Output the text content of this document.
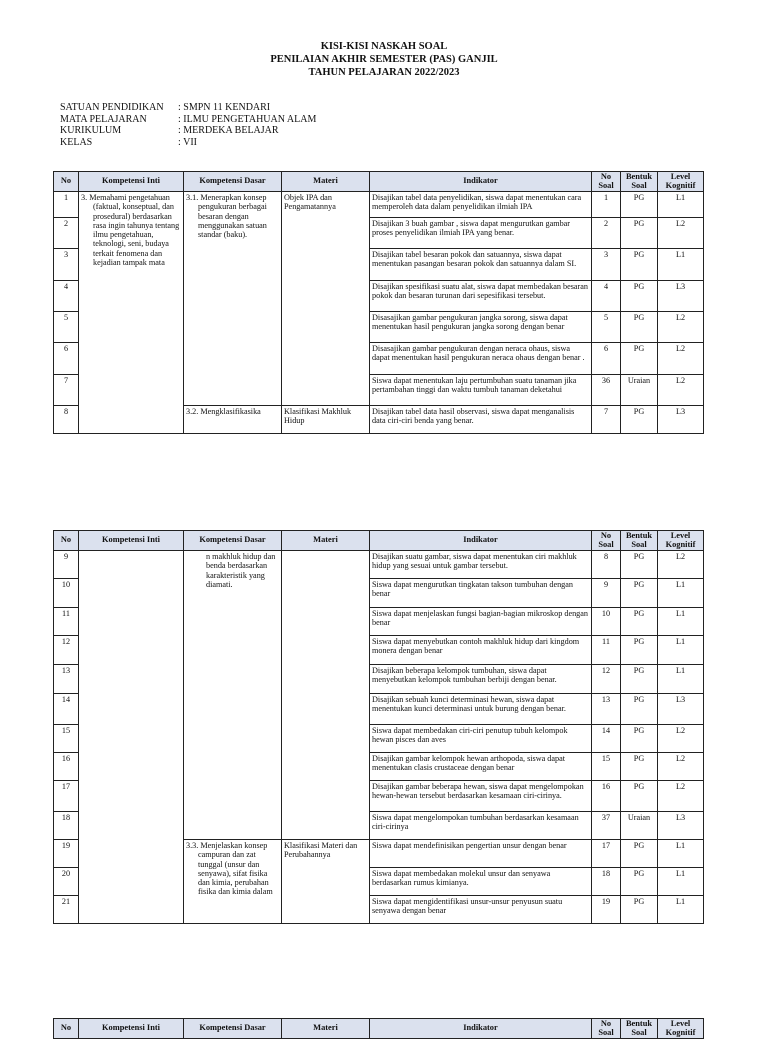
KISI-KISI NASKAH SOAL
PENILAIAN AKHIR SEMESTER (PAS) GANJIL
TAHUN PELAJARAN 2022/2023
SATUAN PENDIDIKAN	: SMPN 11 KENDARI
MATA PELAJARAN	: ILMU PENGETAHUAN ALAM
KURIKULUM	: MERDEKA BELAJAR
KELAS	: VII
No	Kompetensi Inti	Kompetensi Dasar	Materi	Indikator	No Soal	Bentuk Soal	Level Kognitif
1	3. Memahami pengetahuan (faktual, konseptual, dan prosedural) berdasarkan rasa ingin tahunya tentang ilmu pengetahuan, teknologi, seni, budaya terkait fenomena dan kejadian tampak mata	3.1. Menerapkan konsep pengukuran berbagai besaran dengan menggunakan satuan standar (baku).	Objek IPA dan Pengamatannya	Disajikan tabel data penyelidikan, siswa dapat menentukan cara memperoleh data dalam penyelidikan ilmiah IPA	1	PG	L1
2				Disajikan 3 buah gambar , siswa dapat mengurutkan gambar proses penyelidikan ilmiah IPA yang benar.	2	PG	L2
3				Disajikan tabel besaran pokok dan satuannya, siswa dapat menentukan pasangan besaran pokok dan satuannya dalam SI.	3	PG	L1
4				Disajikan spesifikasi suatu alat, siswa dapat membedakan besaran pokok dan besaran turunan dari sepesifikasi tersebut.	4	PG	L3
5				Disasajikan gambar pengukuran jangka sorong, siswa dapat menentukan hasil pengukuran jangka sorong dengan benar	5	PG	L2
6				Disasajikan gambar pengukuran dengan neraca ohaus, siswa dapat menentukan hasil pengukuran neraca ohaus dengan benar .	6	PG	L2
7				Siswa dapat menentukan laju pertumbuhan suatu tanaman jika pertambahan tinggi dan waktu tumbuh tanaman deketahui	36	Uraian	L2
8		3.2. Mengklasifikasika	Klasifikasi Makhluk Hidup	Disajikan tabel data hasil observasi, siswa dapat menganalisis data ciri-ciri benda yang benar.	7	PG	L3
No	Kompetensi Inti	Kompetensi Dasar	Materi	Indikator	No Soal	Bentuk Soal	Level Kognitif
9		n makhluk hidup dan benda berdasarkan karakteristik yang diamati.		Disajikan suatu gambar, siswa dapat menentukan ciri makhluk hidup yang sesuai untuk gambar tersebut.	8	PG	L2
10				Siswa dapat mengurutkan tingkatan takson tumbuhan dengan benar	9	PG	L1
11				Siswa dapat menjelaskan fungsi bagian-bagian mikroskop dengan benar	10	PG	L1
12				Siswa dapat menyebutkan contoh makhluk hidup dari kingdom monera dengan benar	11	PG	L1
13				Disajikan beberapa kelompok tumbuhan, siswa dapat menyebutkan kelompok tumbuhan berbiji dengan benar.	12	PG	L1
14				Disajikan sebuah kunci determinasi hewan, siswa dapat menentukan kunci determinasi untuk burung dengan benar.	13	PG	L3
15				Siswa dapat membedakan ciri-ciri penutup tubuh kelompok hewan pisces dan aves	14	PG	L2
16				Disajikan gambar kelompok hewan arthopoda, siswa dapat menentukan clasis crustaceae dengan benar	15	PG	L2
17				Disajikan gambar beberapa hewan, siswa dapat mengelompokan hewan-hewan tersebut berdasarkan kesamaan ciri-cirinya.	16	PG	L2
18				Siswa dapat mengelompokan tumbuhan berdasarkan kesamaan ciri-cirinya	37	Uraian	L3
19		3.3. Menjelaskan konsep campuran dan zat tunggal (unsur dan senyawa), sifat fisika dan kimia, perubahan fisika dan kimia dalam	Klasifikasi Materi dan Perubahannya	Siswa dapat mendefinisikan pengertian unsur dengan benar	17	PG	L1
20				Siswa dapat membedakan molekul unsur dan senyawa berdasarkan rumus kimianya.	18	PG	L1
21				Siswa dapat mengidentifikasi unsur-unsur penyusun suatu senyawa dengan benar	19	PG	L1
No	Kompetensi Inti	Kompetensi Dasar	Materi	Indikator	No Soal	Bentuk Soal	Level Kognitif
